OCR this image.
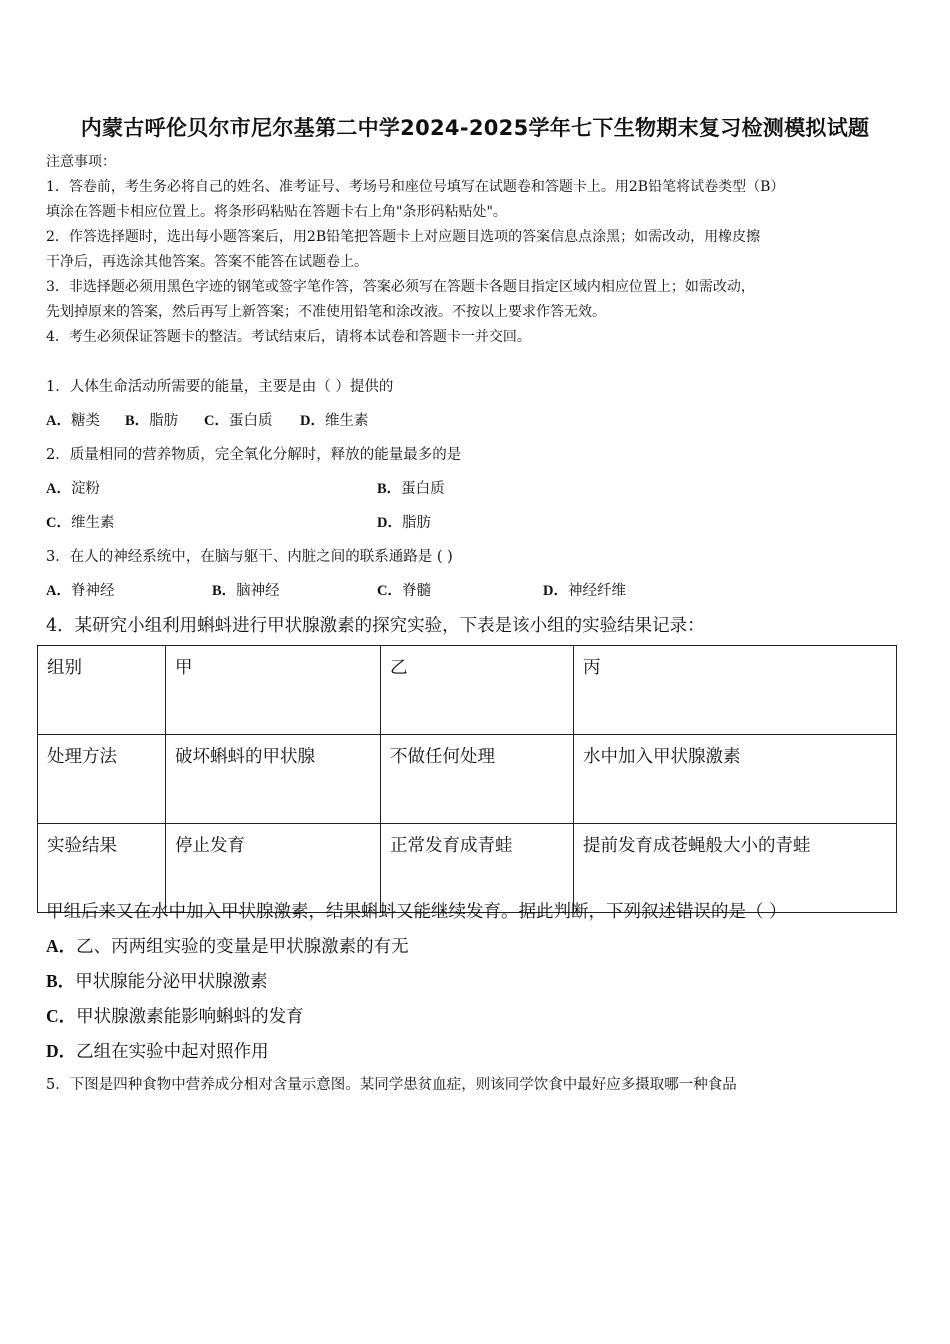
内蒙古呼伦贝尔市尼尔基第二中学2024-2025学年七下生物期末复习检测模拟试题

注意事项：

1．答卷前，考生务必将自己的姓名、准考证号、考场号和座位号填写在试题卷和答题卡上。用2B铅笔将试卷类型（B）

填涂在答题卡相应位置上。将条形码粘贴在答题卡右上角"条形码粘贴处"。

2．作答选择题时，选出每小题答案后，用2B铅笔把答题卡上对应题目选项的答案信息点涂黑；如需改动，用橡皮擦

干净后，再选涂其他答案。答案不能答在试题卷上。

3．非选择题必须用黑色字迹的钢笔或签字笔作答，答案必须写在答题卡各题目指定区域内相应位置上；如需改动，

先划掉原来的答案，然后再写上新答案；不准使用铅笔和涂改液。不按以上要求作答无效。

4．考生必须保证答题卡的整洁。考试结束后，请将本试卷和答题卡一并交回。

1．人体生命活动所需要的能量，主要是由（ ）提供的
A．糖类 B．脂肪 C．蛋白质 D．维生素
2．质量相同的营养物质，完全氧化分解时，释放的能量最多的是
A．淀粉	B．蛋白质
C．维生素	D．脂肪
3．在人的神经系统中，在脑与躯干、内脏之间的联系通路是 ( )
A．脊神经	B．脑神经	C．脊髓	D．神经纤维
4．某研究小组利用蝌蚪进行甲状腺激素的探究实验，下表是该小组的实验结果记录：
组别	甲	乙	丙
处理方法	破坏蝌蚪的甲状腺	不做任何处理	水中加入甲状腺激素
实验结果	停止发育	正常发育成青蛙	提前发育成苍蝇般大小的青蛙
甲组后来又在水中加入甲状腺激素，结果蝌蚪又能继续发育。据此判断，下列叙述错误的是（ ）
A．乙、丙两组实验的变量是甲状腺激素的有无
B．甲状腺能分泌甲状腺激素
C．甲状腺激素能影响蝌蚪的发育
D．乙组在实验中起对照作用
5．下图是四种食物中营养成分相对含量示意图。某同学患贫血症，则该同学饮食中最好应多摄取哪一种食品
